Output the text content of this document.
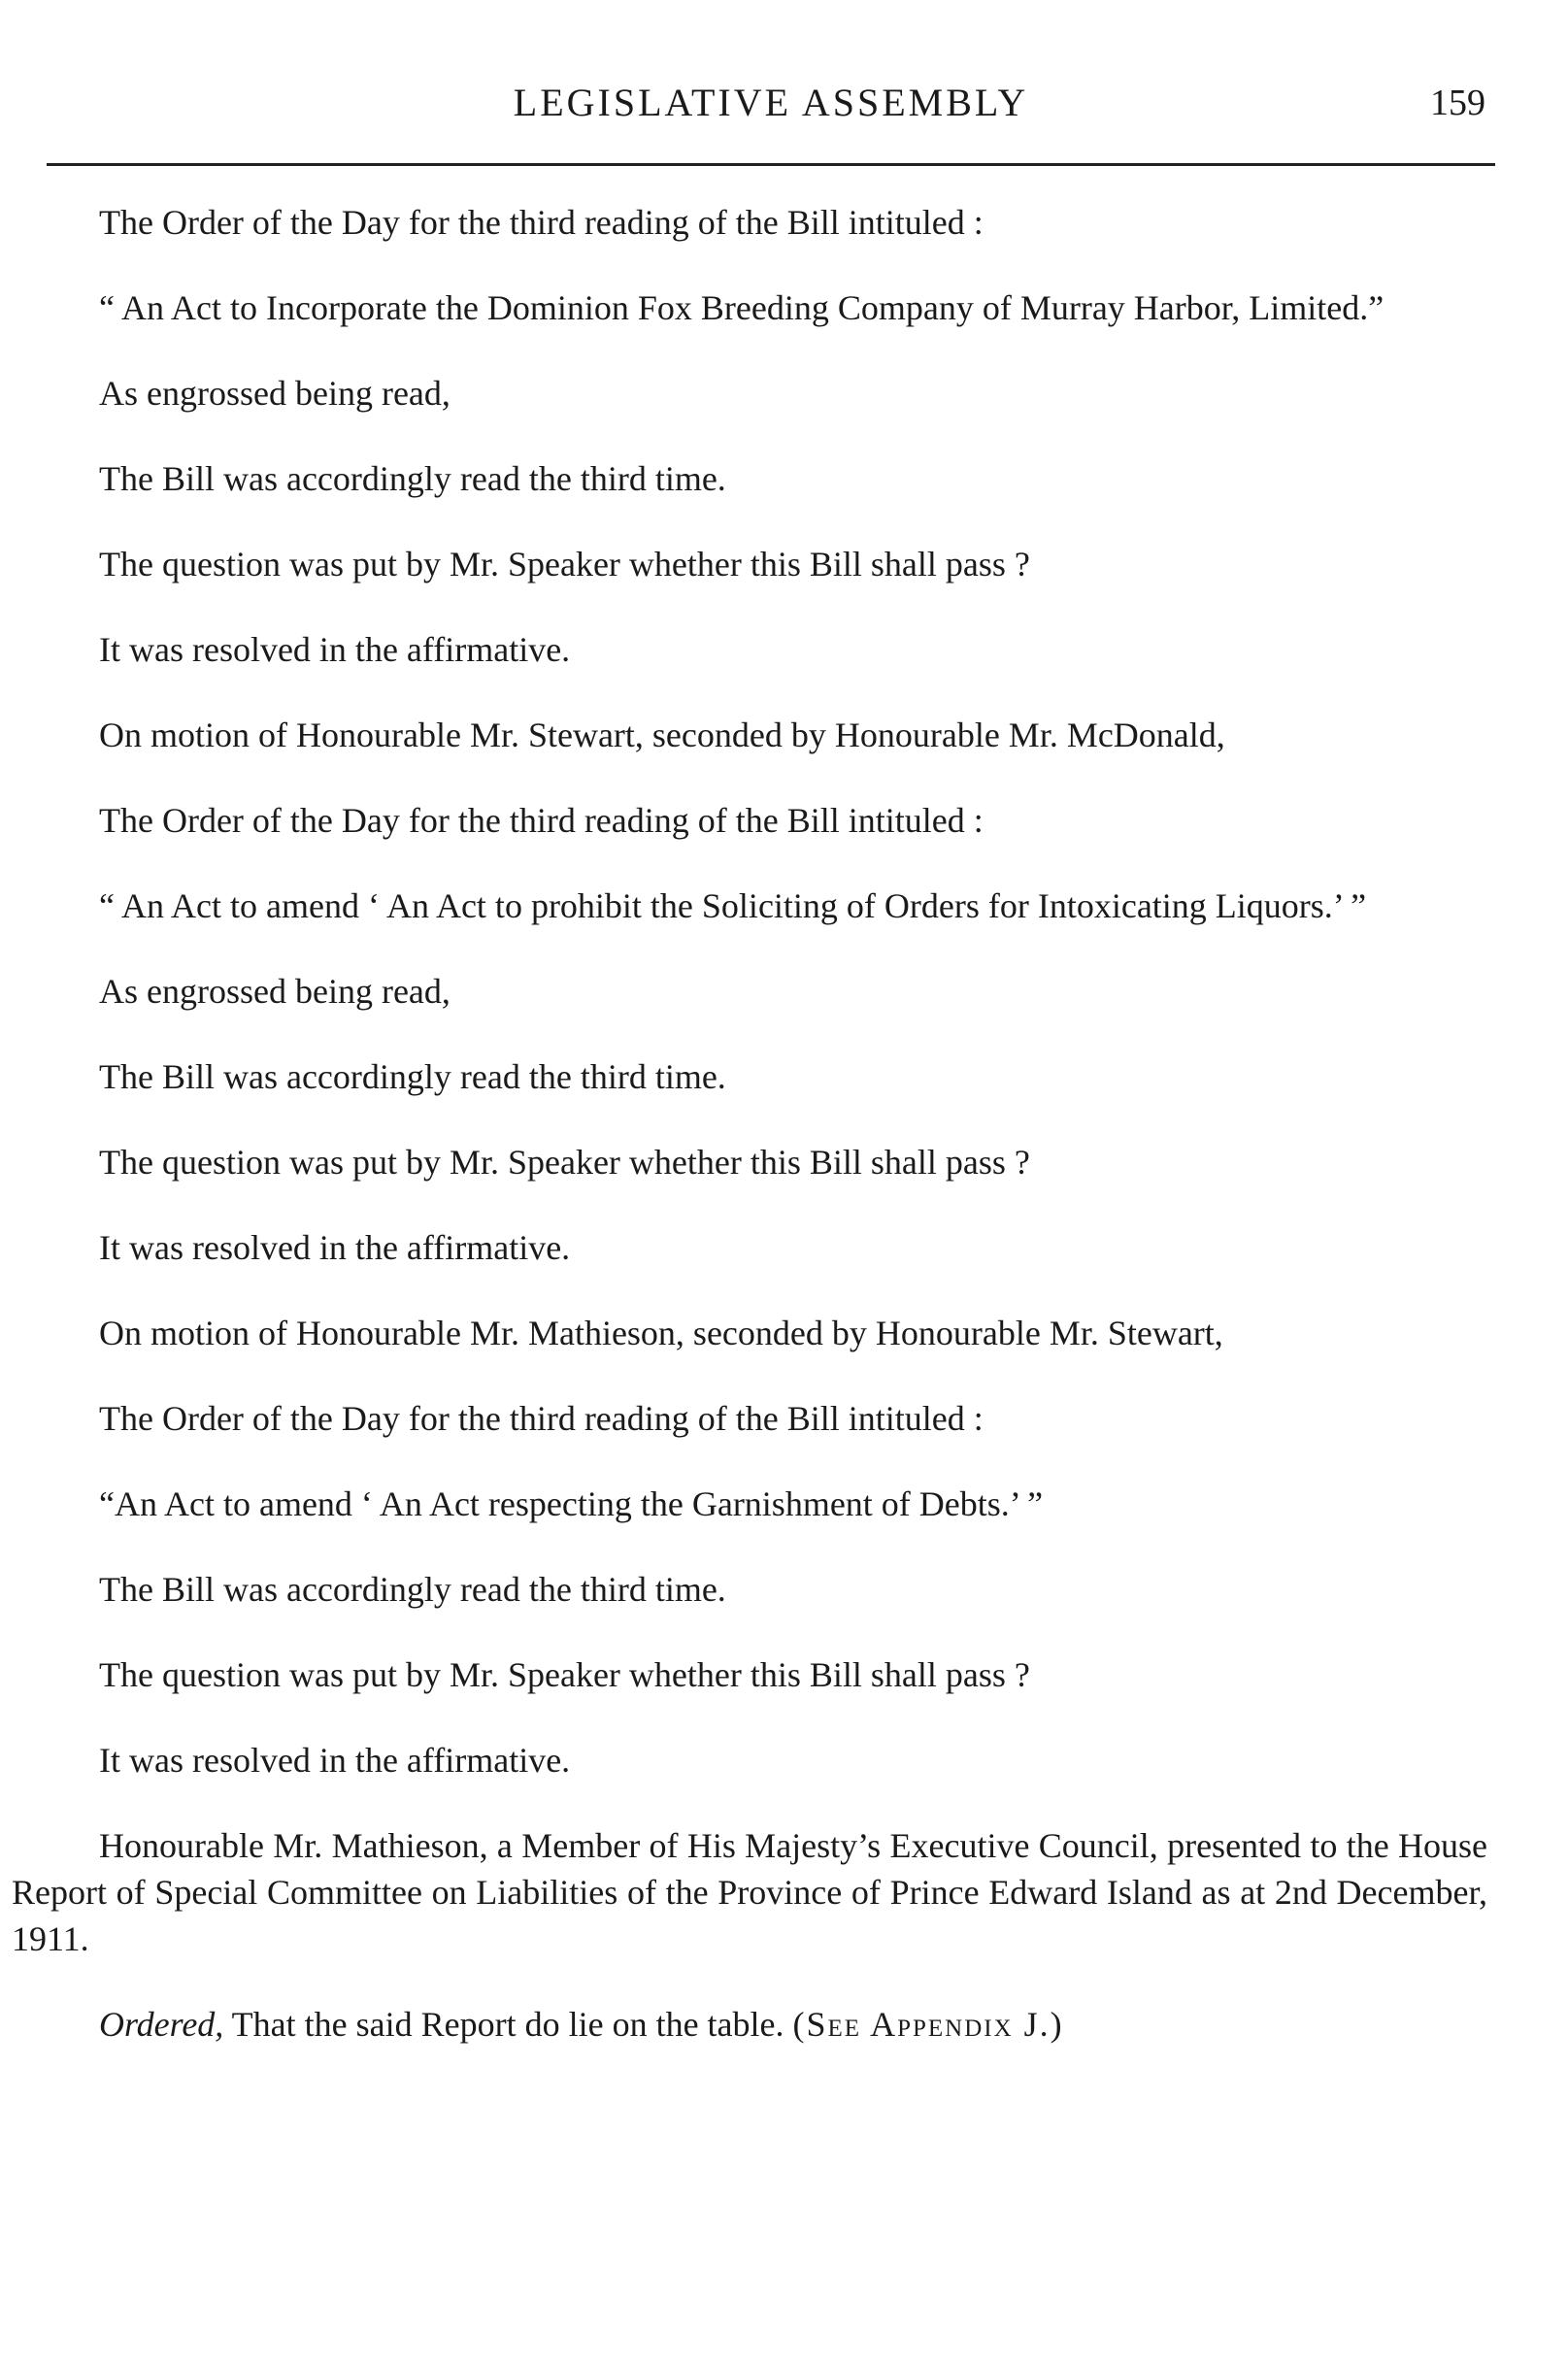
LEGISLATIVE ASSEMBLY	159

The Order of the Day for the third reading of the Bill intituled :

“ An Act to Incorporate the Dominion Fox Breeding Company of Murray Harbor, Limited.”

As engrossed being read,

The Bill was accordingly read the third time.

The question was put by Mr. Speaker whether this Bill shall pass ?

It was resolved in the affirmative.

On motion of Honourable Mr. Stewart, seconded by Honourable Mr. McDonald,

The Order of the Day for the third reading of the Bill intituled :

“ An Act to amend ‘ An Act to prohibit the Soliciting of Orders for Intoxicating Liquors.’ ”

As engrossed being read,

The Bill was accordingly read the third time.

The question was put by Mr. Speaker whether this Bill shall pass ?

It was resolved in the affirmative.

On motion of Honourable Mr. Mathieson, seconded by Honourable Mr. Stewart,

The Order of the Day for the third reading of the Bill intituled :

“An Act to amend ‘ An Act respecting the Garnishment of Debts.’ ”

The Bill was accordingly read the third time.

The question was put by Mr. Speaker whether this Bill shall pass ?

It was resolved in the affirmative.

Honourable Mr. Mathieson, a Member of His Majesty’s Executive Council, presented to the House Report of Special Committee on Liabilities of the Province of Prince Edward Island as at 2nd December, 1911.

Ordered, That the said Report do lie on the table. (See Appendix J.)
